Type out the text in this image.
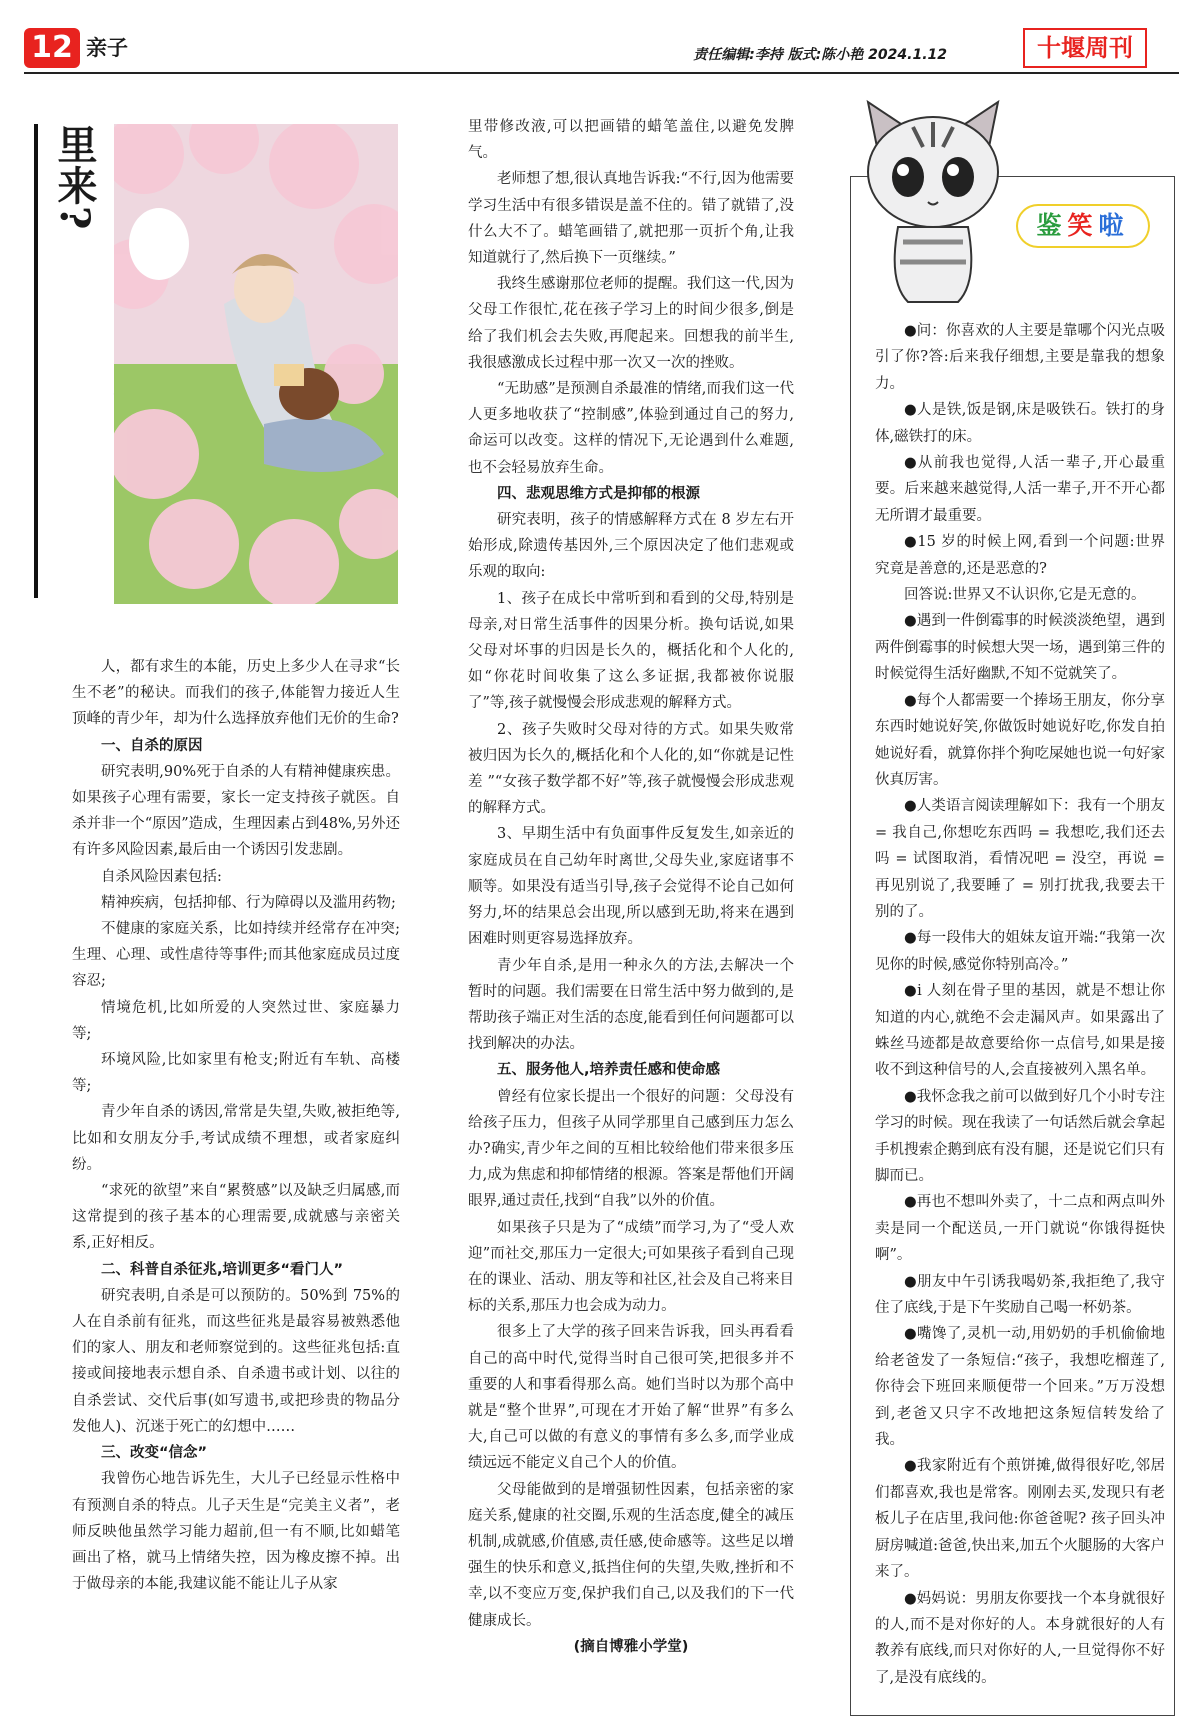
12 亲子	责任编辑:李持 版式:陈小艳 2024.1.12	十堰周刊
里来?

人，都有求生的本能，历史上多少人在寻求“长生不老”的秘诀。而我们的孩子,体能智力接近人生顶峰的青少年，却为什么选择放弃他们无价的生命?

一、自杀的原因

研究表明,90%死于自杀的人有精神健康疾患。如果孩子心理有需要，家长一定支持孩子就医。自杀并非一个“原因”造成，生理因素占到48%,另外还有许多风险因素,最后由一个诱因引发悲剧。

自杀风险因素包括:

精神疾病，包括抑郁、行为障碍以及滥用药物;

不健康的家庭关系，比如持续并经常存在冲突;生理、心理、或性虐待等事件;而其他家庭成员过度容忍;

情境危机,比如所爱的人突然过世、家庭暴力等;

环境风险,比如家里有枪支;附近有车轨、高楼等;

青少年自杀的诱因,常常是失望,失败,被拒绝等,比如和女朋友分手,考试成绩不理想，或者家庭纠纷。

“求死的欲望”来自“累赘感”以及缺乏归属感,而这常提到的孩子基本的心理需要,成就感与亲密关系,正好相反。

二、科普自杀征兆,培训更多“看门人”

研究表明,自杀是可以预防的。50%到 75%的人在自杀前有征兆，而这些征兆是最容易被熟悉他们的家人、朋友和老师察觉到的。这些征兆包括:直接或间接地表示想自杀、自杀遗书或计划、以往的自杀尝试、交代后事(如写遗书,或把珍贵的物品分发他人)、沉迷于死亡的幻想中……

三、改变“信念”

我曾伤心地告诉先生，大儿子已经显示性格中有预测自杀的特点。儿子天生是“完美主义者”，老师反映他虽然学习能力超前,但一有不顺,比如蜡笔画出了格，就马上情绪失控，因为橡皮擦不掉。出于做母亲的本能,我建议能不能让儿子从家

里带修改液,可以把画错的蜡笔盖住,以避免发脾气。

老师想了想,很认真地告诉我:“不行,因为他需要学习生活中有很多错误是盖不住的。错了就错了,没什么大不了。蜡笔画错了,就把那一页折个角,让我知道就行了,然后换下一页继续。”

我终生感谢那位老师的提醒。我们这一代,因为父母工作很忙,花在孩子学习上的时间少很多,倒是给了我们机会去失败,再爬起来。回想我的前半生,我很感激成长过程中那一次又一次的挫败。

“无助感”是预测自杀最准的情绪,而我们这一代人更多地收获了“控制感”,体验到通过自己的努力,命运可以改变。这样的情况下,无论遇到什么难题,也不会轻易放弃生命。

四、悲观思维方式是抑郁的根源

研究表明，孩子的情感解释方式在 8 岁左右开始形成,除遗传基因外,三个原因决定了他们悲观或乐观的取向:

1、孩子在成长中常听到和看到的父母,特别是母亲,对日常生活事件的因果分析。换句话说,如果父母对坏事的归因是长久的，概括化和个人化的,如“你花时间收集了这么多证据,我都被你说服了”等,孩子就慢慢会形成悲观的解释方式。

2、孩子失败时父母对待的方式。如果失败常被归因为长久的,概括化和个人化的,如“你就是记性差 ”“女孩子数学都不好”等,孩子就慢慢会形成悲观的解释方式。

3、早期生活中有负面事件反复发生,如亲近的家庭成员在自己幼年时离世,父母失业,家庭诸事不顺等。如果没有适当引导,孩子会觉得不论自己如何努力,坏的结果总会出现,所以感到无助,将来在遇到困难时则更容易选择放弃。

青少年自杀,是用一种永久的方法,去解决一个暂时的问题。我们需要在日常生活中努力做到的,是帮助孩子端正对生活的态度,能看到任何问题都可以找到解决的办法。

五、服务他人,培养责任感和使命感

曾经有位家长提出一个很好的问题：父母没有给孩子压力，但孩子从同学那里自己感到压力怎么办?确实,青少年之间的互相比较给他们带来很多压力,成为焦虑和抑郁情绪的根源。答案是帮他们开阔眼界,通过责任,找到“自我”以外的价值。

如果孩子只是为了“成绩”而学习,为了“受人欢迎”而社交,那压力一定很大;可如果孩子看到自己现在的课业、活动、朋友等和社区,社会及自己将来目标的关系,那压力也会成为动力。

很多上了大学的孩子回来告诉我，回头再看看自己的高中时代,觉得当时自己很可笑,把很多并不重要的人和事看得那么高。她们当时以为那个高中就是“整个世界”,可现在才开始了解“世界”有多么大,自己可以做的有意义的事情有多么多,而学业成绩远远不能定义自己个人的价值。

父母能做到的是增强韧性因素，包括亲密的家庭关系,健康的社交圈,乐观的生活态度,健全的减压机制,成就感,价值感,责任感,使命感等。这些足以增强生的快乐和意义,抵挡住何的失望,失败,挫折和不幸,以不变应万变,保护我们自己,以及我们的下一代健康成长。

(摘自博雅小学堂)

鉴笑啦

●问：你喜欢的人主要是靠哪个闪光点吸引了你?答:后来我仔细想,主要是靠我的想象力。

●人是铁,饭是钢,床是吸铁石。铁打的身体,磁铁打的床。

●从前我也觉得,人活一辈子,开心最重要。后来越来越觉得,人活一辈子,开不开心都无所谓才最重要。

●15 岁的时候上网,看到一个问题:世界究竟是善意的,还是恶意的?

回答说:世界又不认识你,它是无意的。

●遇到一件倒霉事的时候淡淡绝望，遇到两件倒霉事的时候想大哭一场，遇到第三件的时候觉得生活好幽默,不知不觉就笑了。

●每个人都需要一个捧场王朋友，你分享东西时她说好笑,你做饭时她说好吃,你发自拍她说好看，就算你拌个狗吃屎她也说一句好家伙真厉害。

●人类语言阅读理解如下：我有一个朋友 = 我自己,你想吃东西吗 = 我想吃,我们还去吗 = 试图取消，看情况吧 = 没空，再说 = 再见别说了,我要睡了 = 别打扰我,我要去干别的了。

●每一段伟大的姐妹友谊开端:“我第一次见你的时候,感觉你特别高冷。”

●i 人刻在骨子里的基因，就是不想让你知道的内心,就绝不会走漏风声。如果露出了蛛丝马迹都是故意要给你一点信号,如果是接收不到这种信号的人,会直接被列入黑名单。

●我怀念我之前可以做到好几个小时专注学习的时候。现在我读了一句话然后就会拿起手机搜索企鹅到底有没有腿，还是说它们只有脚而已。

●再也不想叫外卖了，十二点和两点叫外卖是同一个配送员,一开门就说“你饿得挺快啊”。

●朋友中午引诱我喝奶茶,我拒绝了,我守住了底线,于是下午奖励自己喝一杯奶茶。

●嘴馋了,灵机一动,用奶奶的手机偷偷地给老爸发了一条短信:“孩子，我想吃榴莲了,你待会下班回来顺便带一个回来。”万万没想到,老爸又只字不改地把这条短信转发给了我。

●我家附近有个煎饼摊,做得很好吃,邻居们都喜欢,我也是常客。刚刚去买,发现只有老板儿子在店里,我问他:你爸爸呢? 孩子回头冲厨房喊道:爸爸,快出来,加五个火腿肠的大客户来了。

●妈妈说：男朋友你要找一个本身就很好的人,而不是对你好的人。本身就很好的人有教养有底线,而只对你好的人,一旦觉得你不好了,是没有底线的。
